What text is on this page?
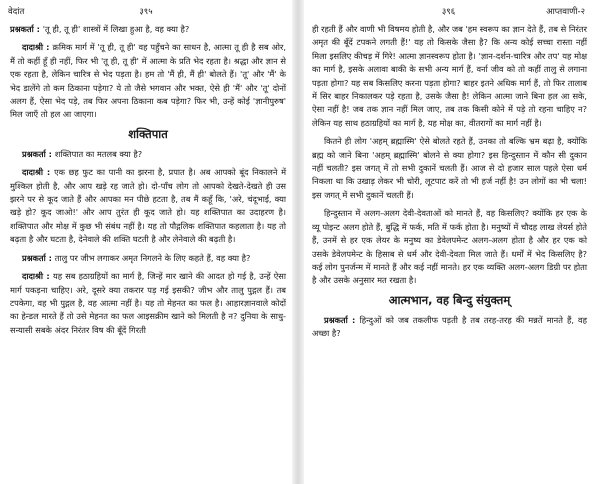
वेदांत	३९५

प्रश्नकर्ता : 'तू ही, तू ही' शास्त्रों में लिखा हुआ है, वह क्या है?

दादाश्री : क्रमिक मार्ग में 'तू ही, तू ही' वह पहुँचने का साधन है, आत्मा तू ही है सब ओर, मैं तो कहीं हूँ ही नहीं, फिर भी 'तू ही, तू ही' में आत्मा के प्रति भेद रहता है। श्रद्धा और ज्ञान से एक रहता है, लेकिन चारित्र से भेद पड़ता है। हम तो 'मैं ही, मैं ही' बोलते हैं। 'तू' और 'मैं' के भेद डालेंगे तो कम ठिकाना पड़ेगा? ये तो जैसे भगवान और भक्त, ऐसे ही 'मैं' और 'तू' दोनों अलग हैं, ऐसा भेद पड़े, तब फिर अपना ठिकाना कब पड़ेगा? फिर भी, उन्हें कोई 'ज्ञानीपुरुष' मिल जाएँ तो हल आ जाएगा।

शक्तिपात

प्रश्नकर्ता : शक्तिपात का मतलब क्या है?

दादाश्री : एक छह फुट का पानी का झरना है, प्रपात है। अब आपको बूंद निकालने में मुश्किल होती है, और आप खड़े रह जाते हो। दो-पाँच लोग तो आपको देखते-देखते ही उस झरने पर से कूद जाते हैं और आपका मन पीछे हटता है, तब मैं कहूँ कि, 'अरे, चंदूभाई, क्या खड़े हो? कूद जाओ!' और आप तुरंत ही कूद जाते हो। यह शक्तिपात का उदाहरण है। शक्तिपात और मोक्ष में कुछ भी संबंध नहीं है। यह तो पौद्गलिक शक्तिपात कहलाता है। यह तो बढ़ता है और घटता है, देनेवाले की शक्ति घटती है और लेनेवाले की बढ़ती है।

प्रश्नकर्ता : तालु पर जीभ लगाकर अमृत निगलने के लिए कहते हैं, वह क्या है?

दादाश्री : यह सब हठाग्रहियों का मार्ग है, जिन्हें मार खाने की आदत हो गई है, उन्हें ऐसा मार्ग पकड़ना चाहिए। अरे, दूसरे क्या तकरार पड़ गई इसकी? जीभ और तालु पुद्गल हैं। तब टपकेगा, वह भी पुद्गल है, वह आत्मा नहीं है। यह तो मेहनत का फल है। आहारज्ञानवाले कोदों का हेन्डल मारते हैं तो उसे मेहनत का फल आइसक्रीम खाने को मिलती है न? दुनिया के साधु-सन्यासी सबके अंदर निरंतर विष की बूँदें गिरती

३९६	आप्तवाणी-२

ही रहती हैं और वाणी भी विषमय होती है, और जब 'हम स्वरूप का ज्ञान देते हैं, तब से निरंतर अमृत की बूँदें टपकने लगती हैं!' यह तो किसके जैसा है? कि अन्य कोई सच्चा रास्ता नहीं मिला इसलिए कीचड़ में गिरे! आत्मा ज्ञानस्वरूप होता है। 'ज्ञान-दर्शन-चारित्र और तप' यह मोक्ष का मार्ग है, इसके अलावा बाकी के सभी अन्य मार्ग हैं, वर्ना जीव को तो कहीं तालु से लगाना पड़ता होगा? यह सब किसलिए करना पड़ता होगा? बाहर इतने अधिक मार्ग हैं, तो फिर तालाब में सिर बाहर निकालकर पड़े रहता है, उसके जैसा है! लेकिन आत्मा जाने बिना हल आ सके, ऐसा नहीं है! जब तक ज्ञान नहीं मिल जाए, तब तक किसी कोने में पड़े तो रहना चाहिए न? लेकिन यह साथ हठाग्रहियों का मार्ग है, यह मोक्ष का, वीतरागों का मार्ग नहीं है।

कितने ही लोग 'अहम् ब्रह्मास्मि' ऐसे बोलते रहते हैं, उनका तो बल्कि भ्रम बढ़ा है, क्योंकि ब्रह्म को जाने बिना 'अहम् ब्रह्मास्मि' बोलने से क्या होगा? इस हिन्दुस्तान में कौन सी दुकान नहीं चलती? इस जगत् में तो सभी दुकानें चलती हैं। आज से दो हजार साल पहले ऐसा धर्म निकला था कि उखाड़ लेकर भी चोरी, लूटपाट करें तो भी हर्ज नहीं है! उन लोगों का भी चला! इस जगत् में सभी दुकानें चलती हैं।

हिन्दुस्तान में अलग-अलग देवी-देवताओं को मानते हैं, वह किसलिए? क्योंकि हर एक के व्यू पोइन्ट अलग होते हैं, बुद्धि में फर्क, मति में फर्क होता है। मनुष्यों में चौदह लाख लेयर्स होते हैं, उनमें से हर एक लेयर के मनुष्य का डेवेलपमेन्ट अलग-अलग होता है और हर एक को उसके डेवेलपमेन्ट के हिसाब से धर्म और देवी-देवता मिल जाते हैं। धर्मों में भेद किसलिए है? कई लोग पुनर्जन्म में मानते हैं और कई नहीं मानते। हर एक व्यक्ति अलग-अलग डिग्री पर होता है और उसके अनुसार मत रखता है।

आत्मभान, वह बिन्दु संयुक्तम्

प्रश्नकर्ता : हिन्दुओं को जब तकलीफ पड़ती है तब तरह-तरह की मन्नतें मानते हैं, वह अच्छा है?
